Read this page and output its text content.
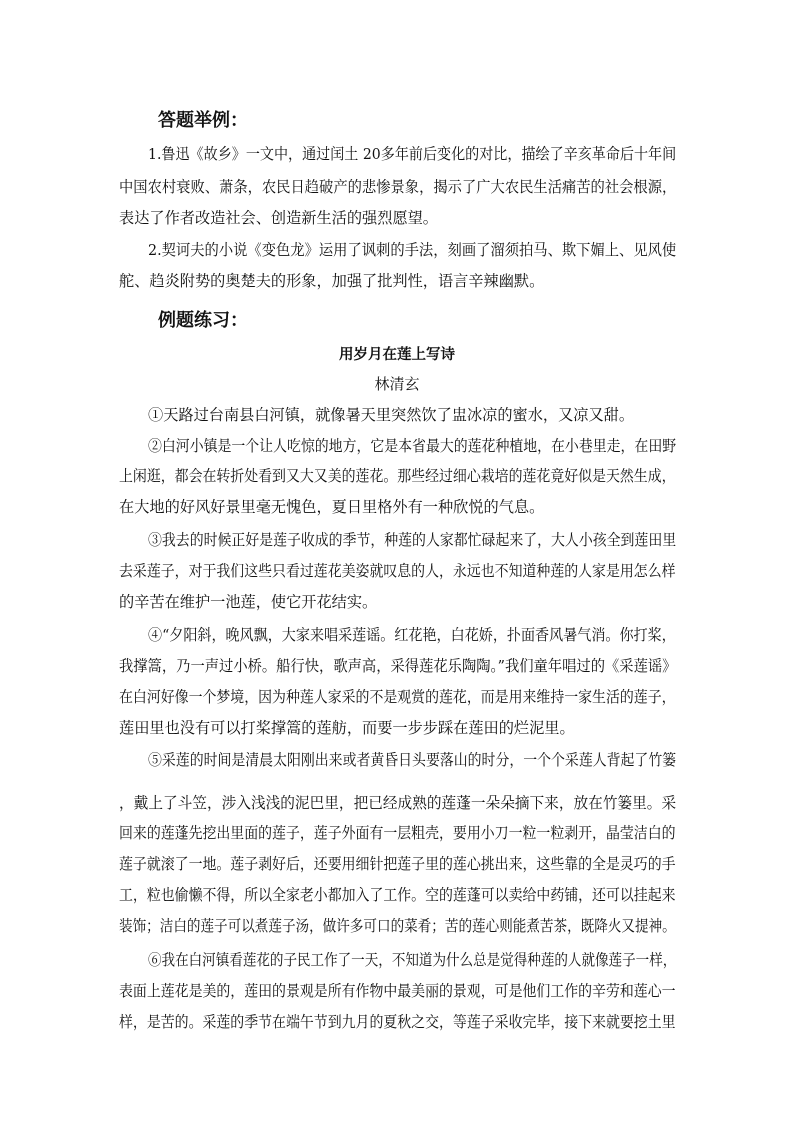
答题举例：
1.鲁迅《故乡》一文中，通过闰土 20多年前后变化的对比，描绘了辛亥革命后十年间
中国农村衰败、萧条，农民日趋破产的悲惨景象，揭示了广大农民生活痛苦的社会根源，
表达了作者改造社会、创造新生活的强烈愿望。
2.契诃夫的小说《变色龙》运用了讽刺的手法，刻画了溜须拍马、欺下媚上、见风使
舵、趋炎附势的奥楚夫的形象，加强了批判性，语言辛辣幽默。
例题练习：
用岁月在莲上写诗
林清玄
①天路过台南县白河镇，就像暑天里突然饮了盅冰凉的蜜水，又凉又甜。
②白河小镇是一个让人吃惊的地方，它是本省最大的莲花种植地，在小巷里走，在田野
上闲逛，都会在转折处看到又大又美的莲花。那些经过细心栽培的莲花竟好似是天然生成，
在大地的好风好景里毫无愧色，夏日里格外有一种欣悦的气息。
③我去的时候正好是莲子收成的季节，种莲的人家都忙碌起来了，大人小孩全到莲田里
去采莲子，对于我们这些只看过莲花美姿就叹息的人，永远也不知道种莲的人家是用怎么样
的辛苦在维护一池莲，使它开花结实。
④“夕阳斜，晚风飘，大家来唱采莲谣。红花艳，白花娇，扑面香风暑气消。你打桨，
我撑篙，乃一声过小桥。船行快，歌声高，采得莲花乐陶陶。”我们童年唱过的《采莲谣》
在白河好像一个梦境，因为种莲人家采的不是观赏的莲花，而是用来维持一家生活的莲子，
莲田里也没有可以打桨撑篙的莲舫，而要一步步踩在莲田的烂泥里。
⑤采莲的时间是清晨太阳刚出来或者黄昏日头要落山的时分，一个个采莲人背起了竹篓
，戴上了斗笠，涉入浅浅的泥巴里，把已经成熟的莲蓬一朵朵摘下来，放在竹篓里。采
回来的莲蓬先挖出里面的莲子，莲子外面有一层粗壳，要用小刀一粒一粒剥开，晶莹洁白的
莲子就滚了一地。莲子剥好后，还要用细针把莲子里的莲心挑出来，这些靠的全是灵巧的手
工，粒也偷懒不得，所以全家老小都加入了工作。空的莲蓬可以卖给中药铺，还可以挂起来
装饰；洁白的莲子可以煮莲子汤，做许多可口的菜肴；苦的莲心则能煮苦茶，既降火又提神。
⑥我在白河镇看莲花的子民工作了一天，不知道为什么总是觉得种莲的人就像莲子一样，
表面上莲花是美的，莲田的景观是所有作物中最美丽的景观，可是他们工作的辛劳和莲心一
样，是苦的。采莲的季节在端午节到九月的夏秋之交，等莲子采收完毕，接下来就要挖土里
